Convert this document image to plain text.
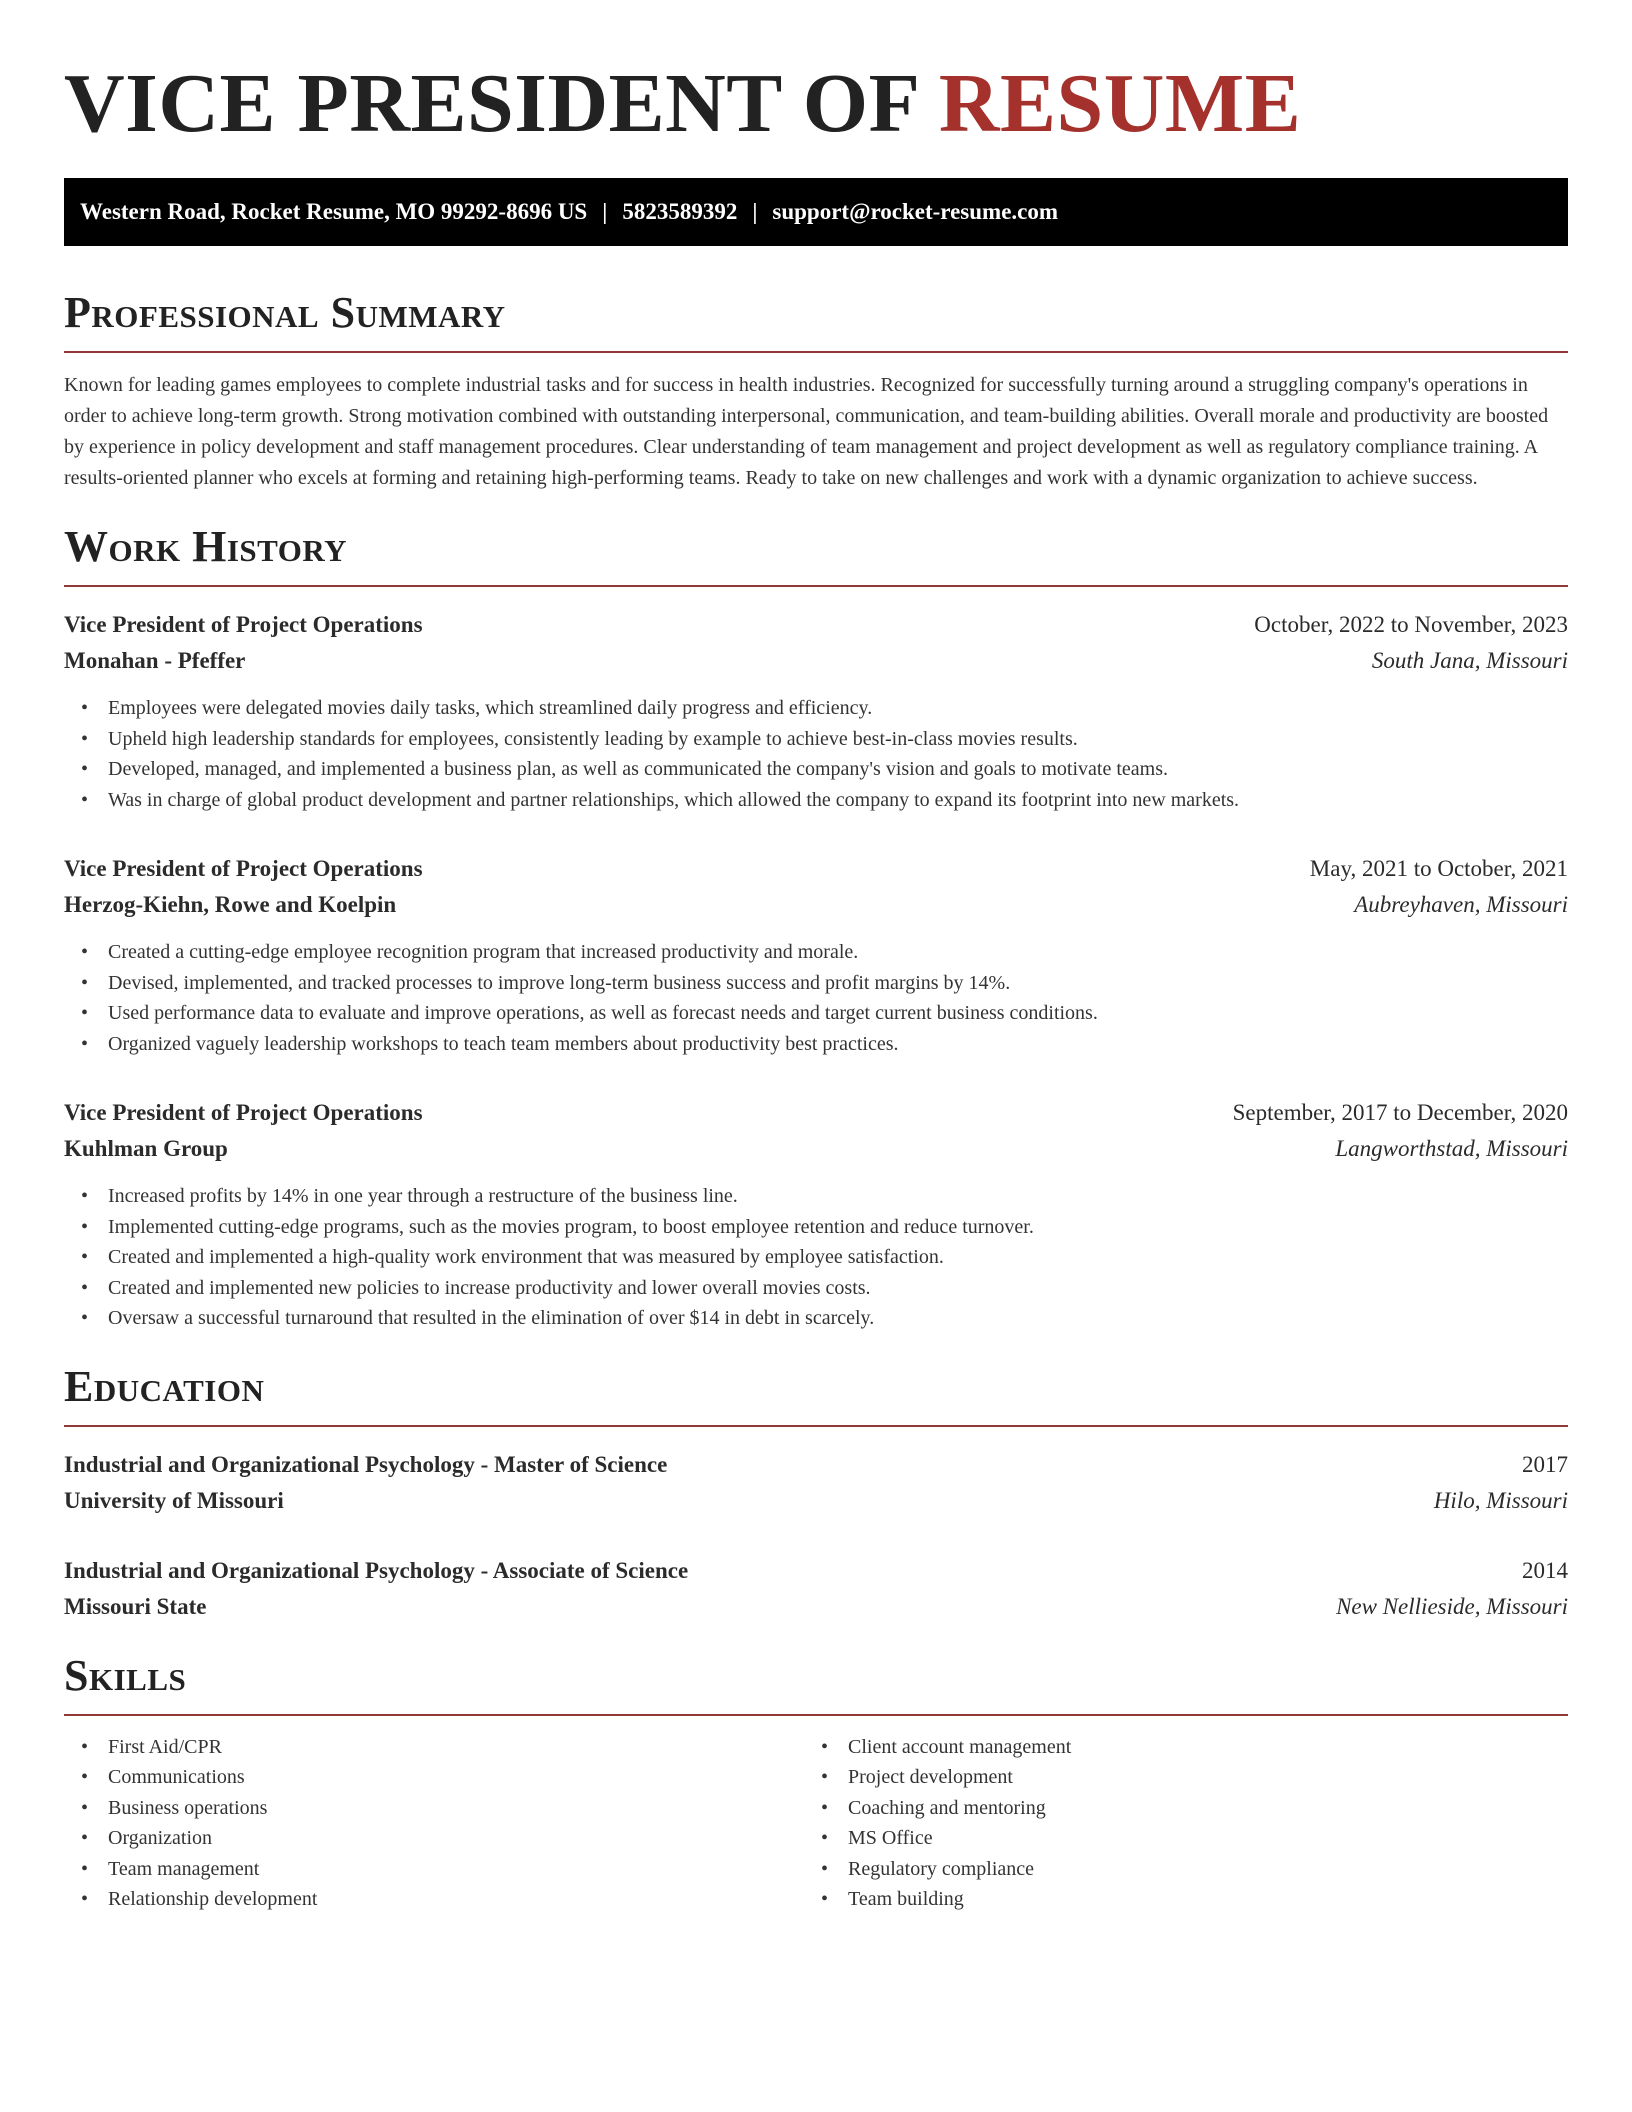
VICE PRESIDENT OF RESUME
Western Road, Rocket Resume, MO 99292-8696 US | 5823589392 | support@rocket-resume.com
Professional Summary

Known for leading games employees to complete industrial tasks and for success in health industries. Recognized for successfully turning around a struggling company's operations in order to achieve long-term growth. Strong motivation combined with outstanding interpersonal, communication, and team-building abilities. Overall morale and productivity are boosted by experience in policy development and staff management procedures. Clear understanding of team management and project development as well as regulatory compliance training. A results-oriented planner who excels at forming and retaining high-performing teams. Ready to take on new challenges and work with a dynamic organization to achieve success.

Work History
Vice President of Project Operations	October, 2022 to November, 2023
Monahan - Pfeffer	South Jana, Missouri
• Employees were delegated movies daily tasks, which streamlined daily progress and efficiency.
• Upheld high leadership standards for employees, consistently leading by example to achieve best-in-class movies results.
• Developed, managed, and implemented a business plan, as well as communicated the company's vision and goals to motivate teams.
• Was in charge of global product development and partner relationships, which allowed the company to expand its footprint into new markets.
Vice President of Project Operations	May, 2021 to October, 2021
Herzog-Kiehn, Rowe and Koelpin	Aubreyhaven, Missouri
• Created a cutting-edge employee recognition program that increased productivity and morale.
• Devised, implemented, and tracked processes to improve long-term business success and profit margins by 14%.
• Used performance data to evaluate and improve operations, as well as forecast needs and target current business conditions.
• Organized vaguely leadership workshops to teach team members about productivity best practices.
Vice President of Project Operations	September, 2017 to December, 2020
Kuhlman Group	Langworthstad, Missouri
• Increased profits by 14% in one year through a restructure of the business line.
• Implemented cutting-edge programs, such as the movies program, to boost employee retention and reduce turnover.
• Created and implemented a high-quality work environment that was measured by employee satisfaction.
• Created and implemented new policies to increase productivity and lower overall movies costs.
• Oversaw a successful turnaround that resulted in the elimination of over $14 in debt in scarcely.
Education
Industrial and Organizational Psychology - Master of Science	2017
University of Missouri	Hilo, Missouri
Industrial and Organizational Psychology - Associate of Science	2014
Missouri State	New Nellieside, Missouri
Skills
• First Aid/CPR
• Communications
• Business operations
• Organization
• Team management
• Relationship development
• Client account management
• Project development
• Coaching and mentoring
• MS Office
• Regulatory compliance
• Team building
